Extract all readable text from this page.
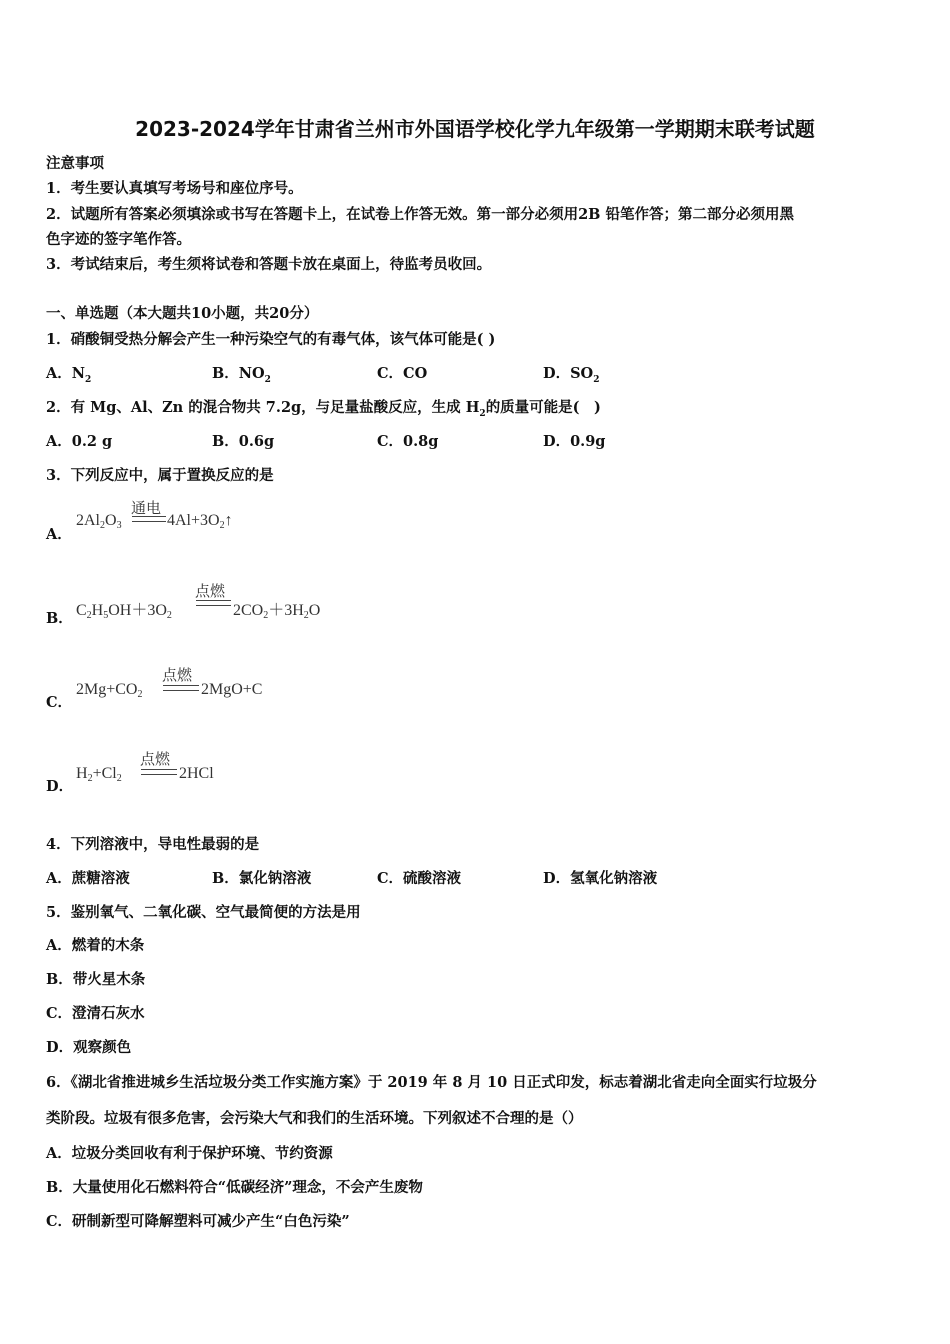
2023-2024学年甘肃省兰州市外国语学校化学九年级第一学期期末联考试题
注意事项
1．考生要认真填写考场号和座位序号。
2．试题所有答案必须填涂或书写在答题卡上，在试卷上作答无效。第一部分必须用2B 铅笔作答；第二部分必须用黑
色字迹的签字笔作答。
3．考试结束后，考生须将试卷和答题卡放在桌面上，待监考员收回。
一、单选题（本大题共10小题，共20分）
1．硝酸铜受热分解会产生一种污染空气的有毒气体，该气体可能是( )
A．$N_2$	B．$NO_2$	C．CO	D．$SO_2$
2．有 Mg、Al、Zn 的混合物共 7.2g，与足量盐酸反应，生成 $H_2$的质量可能是(　)
A．0.2 g	B．0.6g	C．0.8g	D．0.9g
3．下列反应中，属于置换反应的是
A．
$2Al_2O_3$
通电
$4Al+3O_2↑$
B． $C_2H_5OH+3O_2$
点燃
$2CO_2+3H_2O$
C．
$2Mg+CO_2$
点燃
2MgO+C
D．
$H_2+Cl_2$
点燃
2HCl
4．下列溶液中，导电性最弱的是
A．蔗糖溶液	B．氯化钠溶液	C．硫酸溶液	D．氢氧化钠溶液
5．鉴别氧气、二氧化碳、空气最简便的方法是用
A．燃着的木条
B．带火星木条
C．澄清石灰水
D．观察颜色
6．《湖北省推进城乡生活垃圾分类工作实施方案》于 2019 年 8 月 10 日正式印发，标志着湖北省走向全面实行垃圾分
类阶段。垃圾有很多危害，会污染大气和我们的生活环境。下列叙述不合理的是（）
A．垃圾分类回收有利于保护环境、节约资源
B．大量使用化石燃料符合“低碳经济”理念，不会产生废物
C．研制新型可降解塑料可减少产生“白色污染”
